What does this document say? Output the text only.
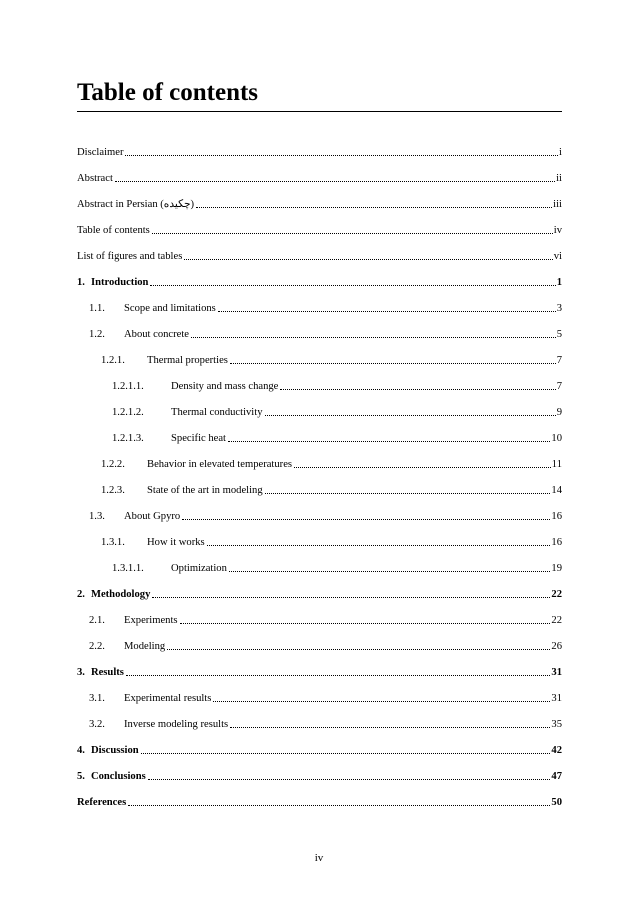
Table of contents
Disclaimer	i
Abstract	ii
Abstract in Persian (چکیده)	iii
Table of contents	iv
List of figures and tables	vi
1. Introduction	1
1.1.	Scope and limitations	3
1.2.	About concrete	5
1.2.1.	Thermal properties	7
1.2.1.1.	Density and mass change	7
1.2.1.2.	Thermal conductivity	9
1.2.1.3.	Specific heat	10
1.2.2.	Behavior in elevated temperatures	11
1.2.3.	State of the art in modeling	14
1.3.	About Gpyro	16
1.3.1.	How it works	16
1.3.1.1.	Optimization	19
2. Methodology	22
2.1.	Experiments	22
2.2.	Modeling	26
3. Results	31
3.1.	Experimental results	31
3.2.	Inverse modeling results	35
4. Discussion	42
5. Conclusions	47
References	50
iv
